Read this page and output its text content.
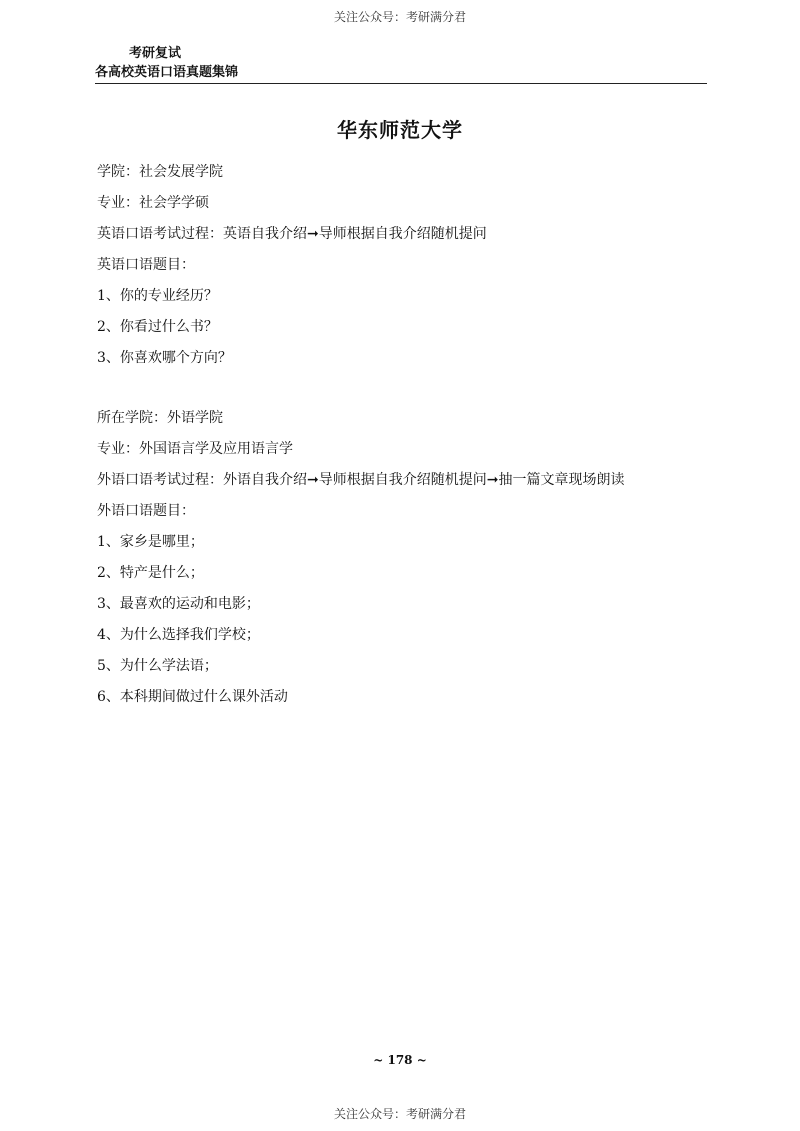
关注公众号：考研满分君
考研复试
各高校英语口语真题集锦
华东师范大学
学院：社会发展学院
专业：社会学学硕
英语口语考试过程：英语自我介绍➞导师根据自我介绍随机提问
英语口语题目：
1、你的专业经历？
2、你看过什么书？
3、你喜欢哪个方向？
所在学院：外语学院
专业：外国语言学及应用语言学
外语口语考试过程：外语自我介绍➞导师根据自我介绍随机提问➞抽一篇文章现场朗读
外语口语题目：
1、家乡是哪里；
2、特产是什么；
3、最喜欢的运动和电影；
4、为什么选择我们学校；
5、为什么学法语；
6、本科期间做过什么课外活动
~ 178 ~
关注公众号：考研满分君
